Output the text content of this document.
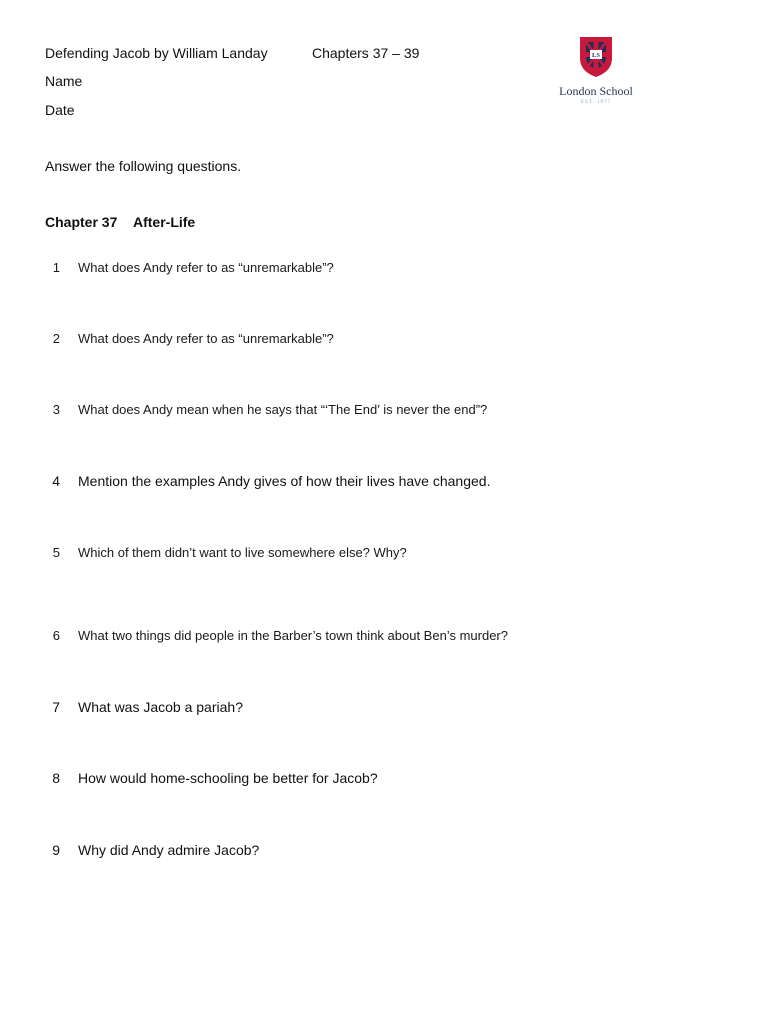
Defending Jacob by William Landay	Chapters 37 – 39
Name
Date
LS
London School
EST. 1977
Answer the following questions.
Chapter 37 After-Life
1 What does Andy refer to as “unremarkable”?
2 What does Andy refer to as “unremarkable”?
3 What does Andy mean when he says that “‘The End’ is never the end”?
4 Mention the examples Andy gives of how their lives have changed.
5 Which of them didn’t want to live somewhere else? Why?
6 What two things did people in the Barber’s town think about Ben’s murder?
7 What was Jacob a pariah?
8 How would home-schooling be better for Jacob?
9 Why did Andy admire Jacob?
